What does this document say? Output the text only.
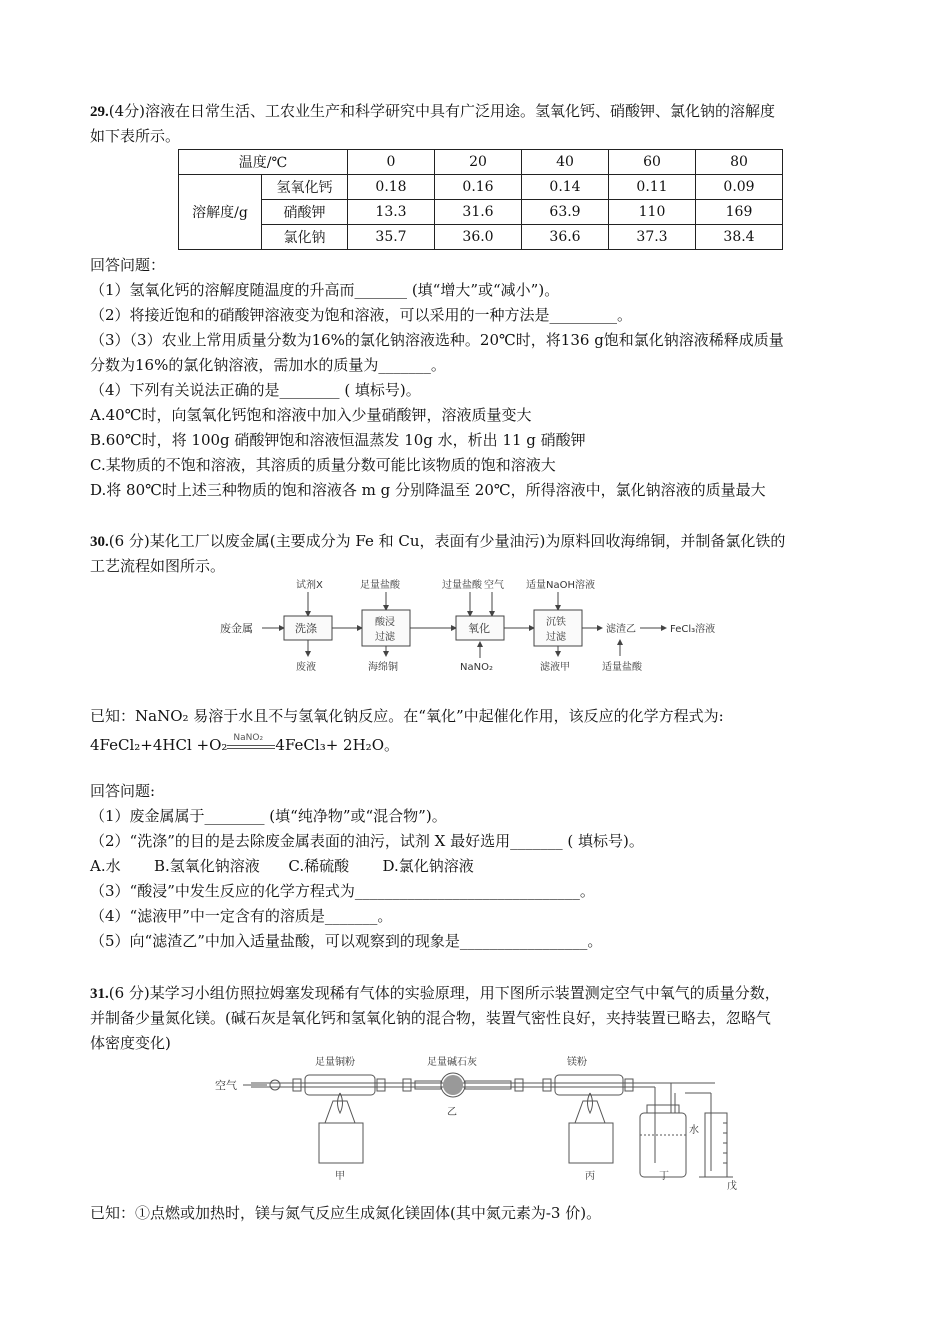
29.(4分)溶液在日常生活、工农业生产和科学研究中具有广泛用途。氢氧化钙、硝酸钾、氯化钠的溶解度
如下表所示。
温度/℃		0	20	40	60	80
溶解度/g	氢氧化钙	0.18	0.16	0.14	0.11	0.09
	硝酸钾	13.3	31.6	63.9	110	169
	氯化钠	35.7	36.0	36.6	37.3	38.4
回答问题：
（1）氢氧化钙的溶解度随温度的升高而_______ (填“增大”或“减小”)。
（2）将接近饱和的硝酸钾溶液变为饱和溶液，可以采用的一种方法是_________。
（3）（3）农业上常用质量分数为16%的氯化钠溶液选种。20℃时，将136 g饱和氯化钠溶液稀释成质量
分数为16%的氯化钠溶液，需加水的质量为_______。
（4）下列有关说法正确的是________ ( 填标号)。
A.40℃时，向氢氧化钙饱和溶液中加入少量硝酸钾，溶液质量变大
B.60℃时，将 100g 硝酸钾饱和溶液恒温蒸发 10g 水，析出 11 g 硝酸钾
C.某物质的不饱和溶液，其溶质的质量分数可能比该物质的饱和溶液大
D.将 80℃时上述三种物质的饱和溶液各 m g 分别降温至 20℃，所得溶液中，氯化钠溶液的质量最大
30.(6 分)某化工厂以废金属(主要成分为 Fe 和 Cu，表面有少量油污)为原料回收海绵铜，并制备氯化铁的
工艺流程如图所示。
废金属
试剂X
洗涤
废液
足量盐酸
酸浸
过滤
海绵铜
过量盐酸 空气
氧化
NaNO₂
适量NaOH溶液
沉铁
过滤
滤液甲
滤渣乙
适量盐酸
FeCl₃溶液
已知：NaNO₂ 易溶于水且不与氢氧化钠反应。在“氧化”中起催化作用，该反应的化学方程式为:
4FeCl₂+4HCl +O₂ NaNO₂ 4FeCl₃+ 2H₂O。
回答问题:
（1）废金属属于________ (填“纯净物”或“混合物”)。
（2）“洗涤”的目的是去除废金属表面的油污，试剂 X 最好选用_______ ( 填标号)。
A.水       B.氢氧化钠溶液      C.稀硫酸       D.氯化钠溶液
（3）“酸浸”中发生反应的化学方程式为______________________________。
（4）“滤液甲”中一定含有的溶质是_______。
（5）向“滤渣乙”中加入适量盐酸，可以观察到的现象是_________________。
31.(6 分)某学习小组仿照拉姆塞发现稀有气体的实验原理，用下图所示装置测定空气中氧气的质量分数，
并制备少量氮化镁。(碱石灰是氧化钙和氢氧化钠的混合物，装置气密性良好，夹持装置已略去，忽略气
体密度变化)
空气
足量铜粉	足量碱石灰	镁粉
水
甲
乙
丙	丁
戊
已知：①点燃或加热时，镁与氮气反应生成氮化镁固体(其中氮元素为-3 价)。
